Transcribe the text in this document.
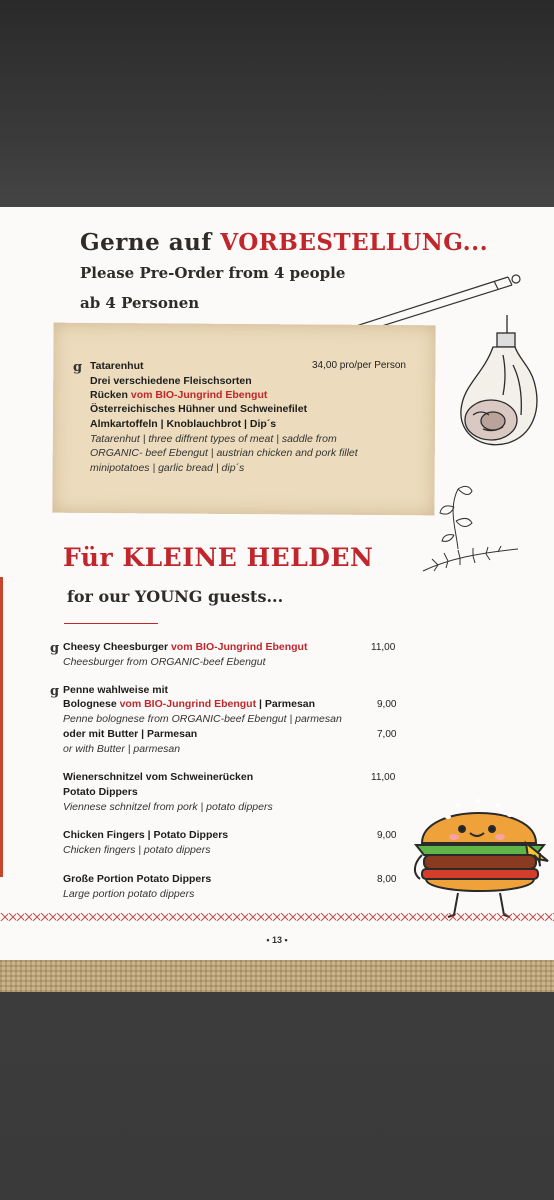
Gerne auf VORBESTELLUNG...
Please Pre-Order from 4 people
ab 4 Personen
g Tatarenhut	34,00 pro/per Person
Drei verschiedene Fleischsorten
Rücken vom BIO-Jungrind Ebengut
Österreichisches Hühner und Schweinefilet
Almkartoffeln | Knoblauchbrot | Dip´s
Tatarenhut | three diffrent types of meat | saddle from
ORGANIC- beef Ebengut | austrian chicken and pork fillet
minipotatoes | garlic bread | dip´s
Für KLEINE HELDEN
for our YOUNG guests...
g Cheesy Cheesburger vom BIO-Jungrind Ebengut	11,00
Cheesburger from ORGANIC-beef Ebengut
g Penne wahlweise mit
Bolognese vom BIO-Jungrind Ebengut | Parmesan	9,00
Penne bolognese from ORGANIC-beef Ebengut | parmesan
oder mit Butter | Parmesan	7,00
or with Butter | parmesan
Wienerschnitzel vom Schweinerücken	11,00
Potato Dippers
Viennese schnitzel from pork | potato dippers
Chicken Fingers | Potato Dippers	9,00
Chicken fingers | potato dippers
Große Portion Potato Dippers	8,00
Large portion potato dippers
• 13 •
